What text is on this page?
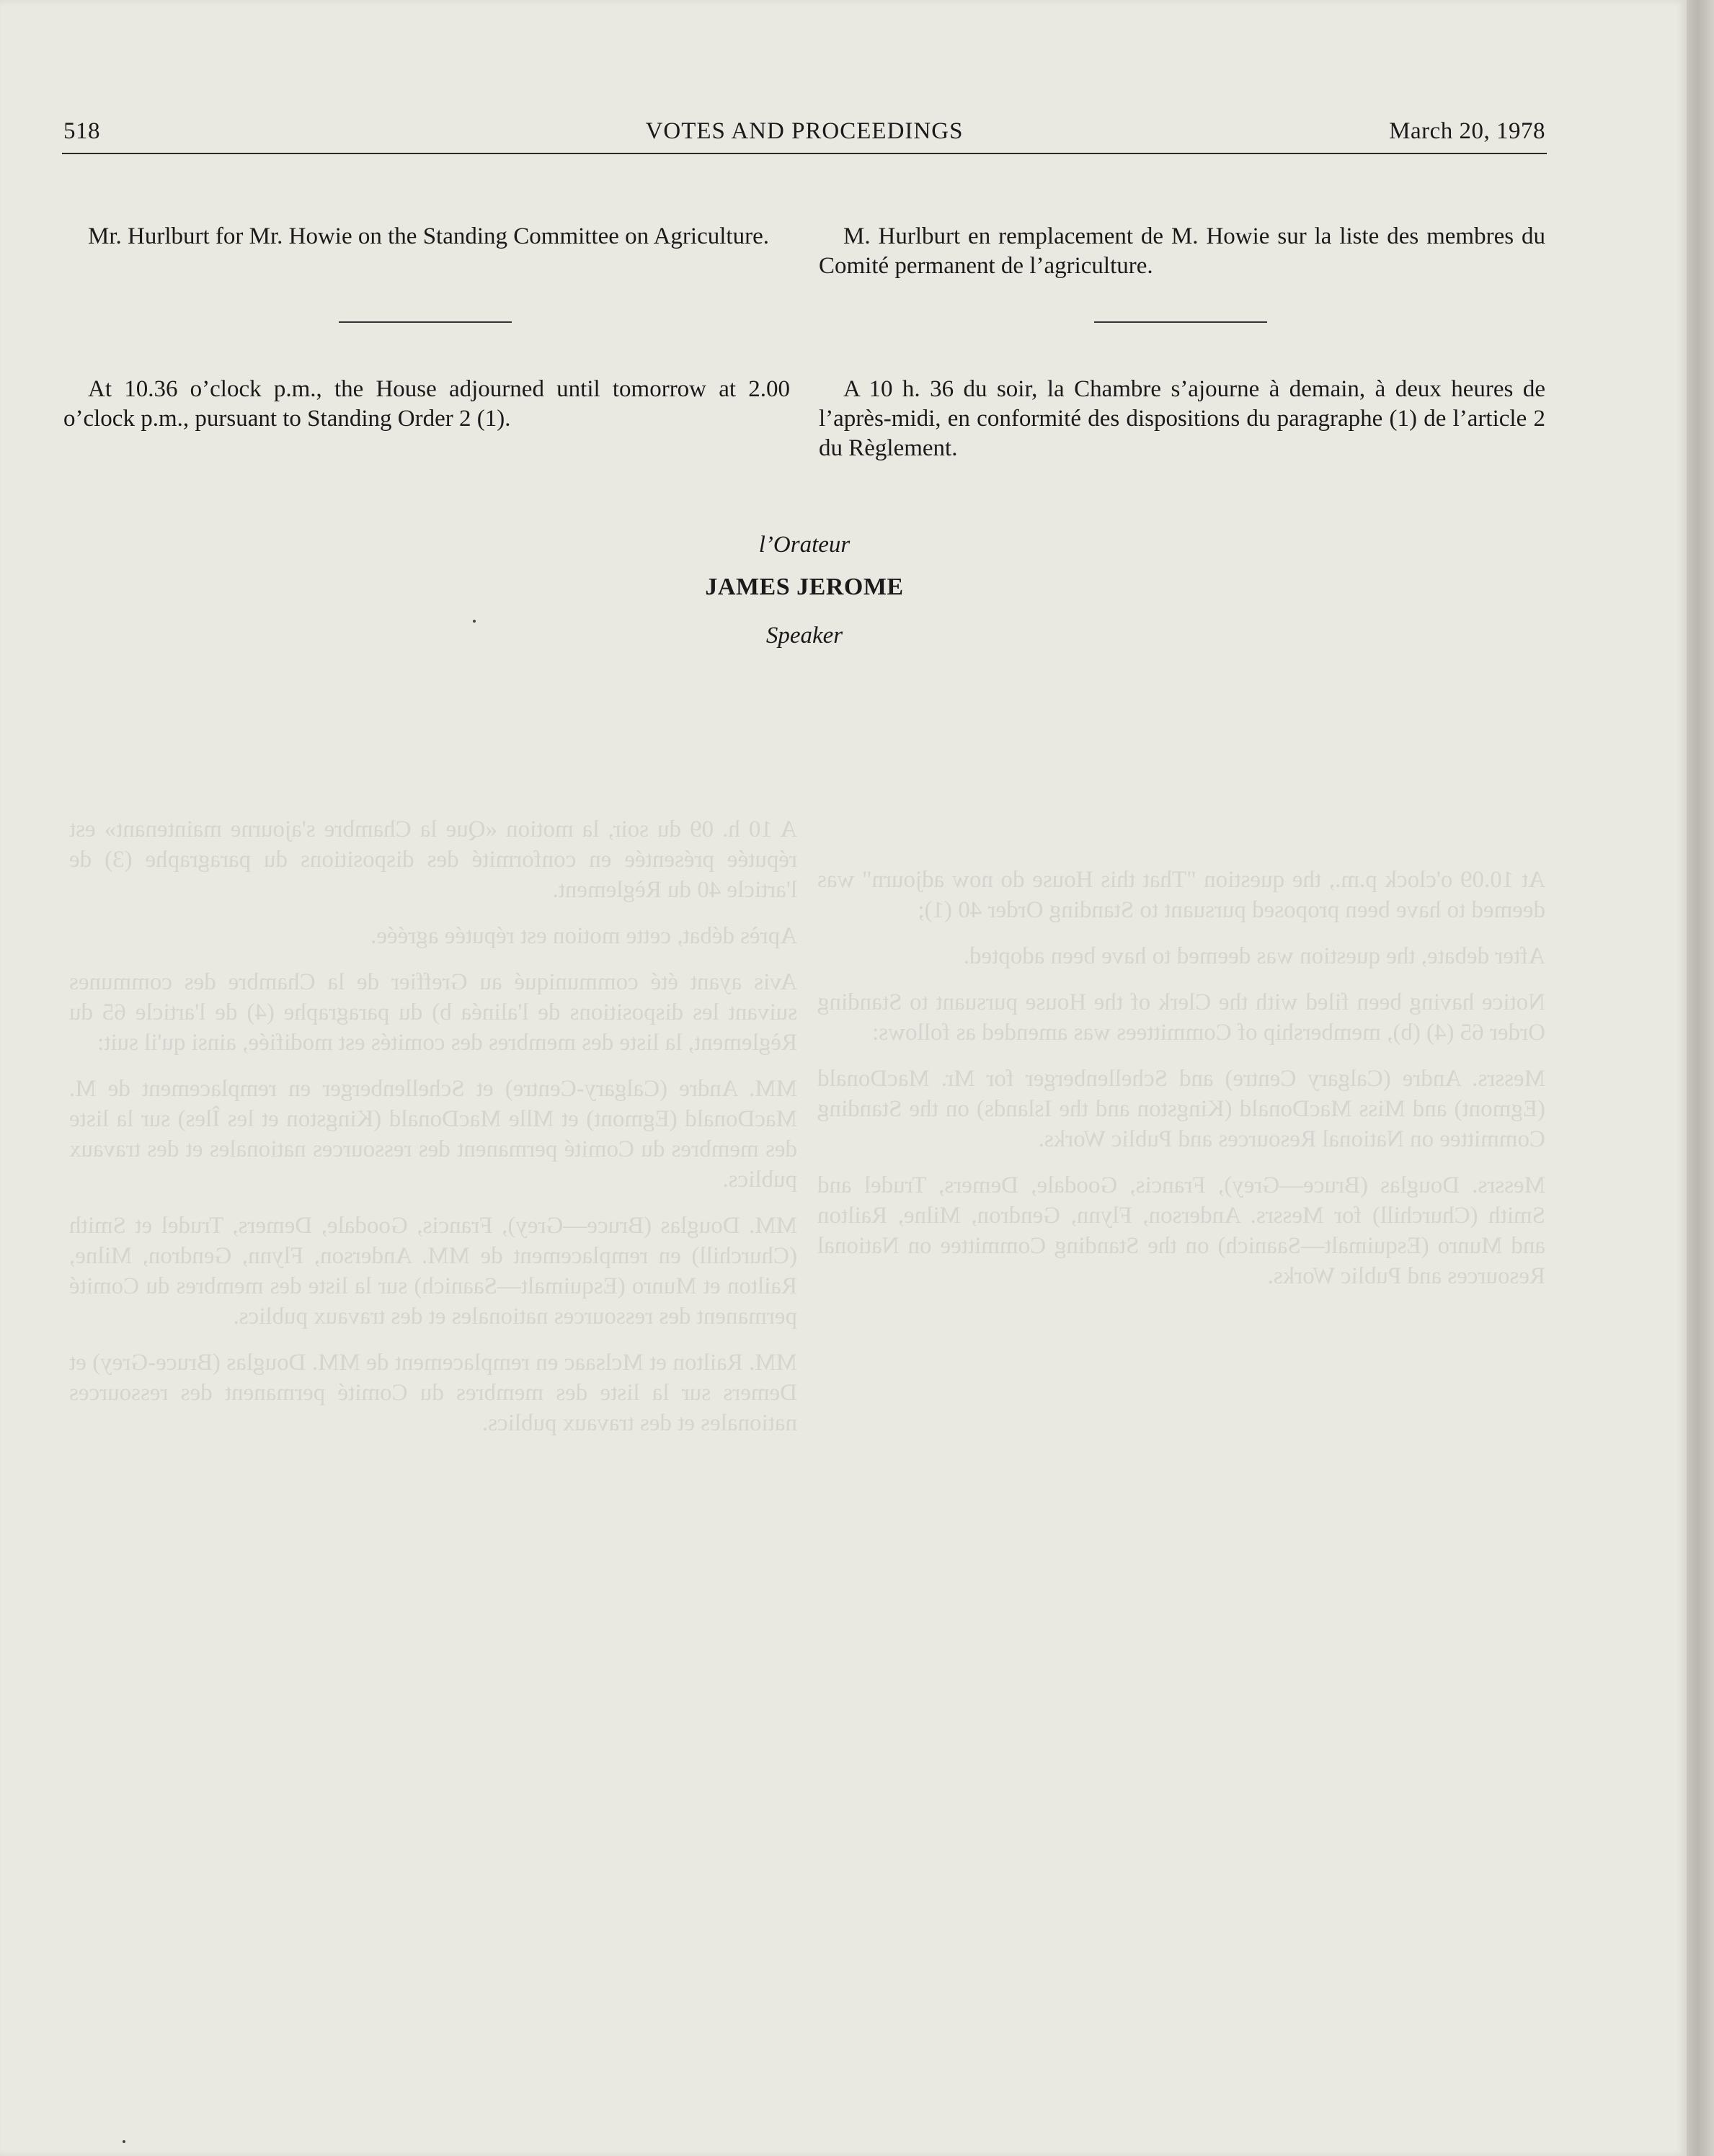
A 10 h. 09 du soir, la motion «Que la Chambre s'ajourne maintenant» est réputée présentée en conformité des dispositions du paragraphe (3) de l'article 40 du Règlement.

Après débat, cette motion est réputée agréée.

Avis ayant été communiqué au Greffier de la Chambre des communes suivant les dispositions de l'alinéa b) du paragraphe (4) de l'article 65 du Règlement, la liste des membres des comités est modifiée, ainsi qu'il suit:

MM. Andre (Calgary-Centre) et Schellenberger en remplacement de M. MacDonald (Egmont) et Mlle MacDonald (Kingston et les Îles) sur la liste des membres du Comité permanent des ressources nationales et des travaux publics.

MM. Douglas (Bruce—Grey), Francis, Goodale, Demers, Trudel et Smith (Churchill) en remplacement de MM. Anderson, Flynn, Gendron, Milne, Railton et Munro (Esquimalt—Saanich) sur la liste des membres du Comité permanent des ressources nationales et des travaux publics.

MM. Railton et Mclsaac en remplacement de MM. Douglas (Bruce-Grey) et Demers sur la liste des membres du Comité permanent des ressources nationales et des travaux publics.

At 10.09 o'clock p.m., the question "That this House do now adjourn" was deemed to have been proposed pursuant to Standing Order 40 (1);

After debate, the question was deemed to have been adopted.

Notice having been filed with the Clerk of the House pursuant to Standing Order 65 (4) (b), membership of Committees was amended as follows:

Messrs. Andre (Calgary Centre) and Schellenberger for Mr. MacDonald (Egmont) and Miss MacDonald (Kingston and the Islands) on the Standing Committee on National Resources and Public Works.

Messrs. Douglas (Bruce—Grey), Francis, Goodale, Demers, Trudel and Smith (Churchill) for Messrs. Anderson, Flynn, Gendron, Milne, Railton and Munro (Esquimalt—Saanich) on the Standing Committee on National Resources and Public Works.

518	VOTES AND PROCEEDINGS	March 20, 1978

Mr. Hurlburt for Mr. Howie on the Standing Committee on Agriculture.	M. Hurlburt en remplacement de M. Howie sur la liste des membres du Comité permanent de l’agriculture.

At 10.36 o’clock p.m., the House adjourned until tomorrow at 2.00 o’clock p.m., pursuant to Standing Order 2 (1).

A 10 h. 36 du soir, la Chambre s’ajourne à demain, à deux heures de l’après-midi, en conformité des dispositions du paragraphe (1) de l’article 2 du Règlement.

l’Orateur
JAMES JEROME
Speaker
